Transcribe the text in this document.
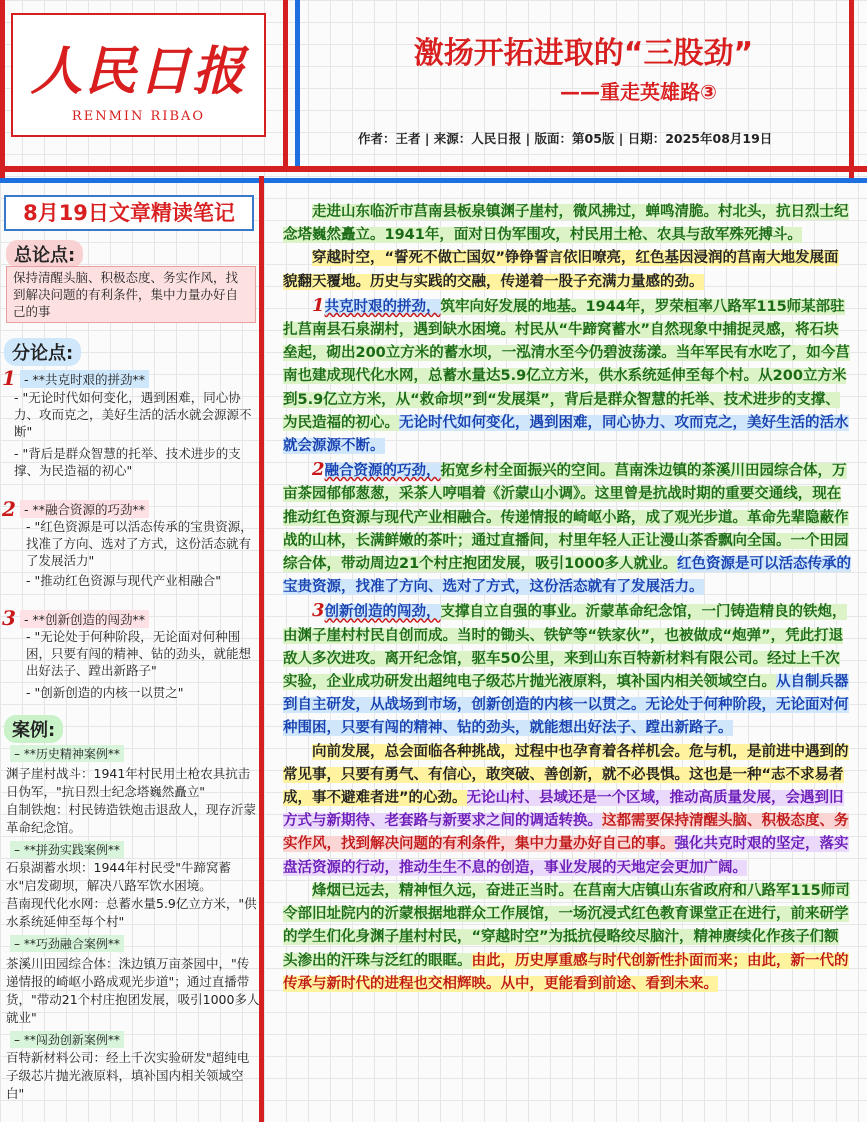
人民日报
RENMIN RIBAO
激扬开拓进取的“三股劲”
——重走英雄路③
作者：王者 | 来源：人民日报 | 版面：第05版 | 日期：2025年08月19日
8月19日文章精读笔记
总论点:
保持清醒头脑、积极态度、务实作风，找到解决问题的有利条件，集中力量办好自己的事
分论点:
1 - **共克时艰的拼劲**
- "无论时代如何变化，遇到困难，同心协力、攻而克之，美好生活的活水就会源源不断"
- "背后是群众智慧的托举、技术进步的支撑、为民造福的初心"
2 - **融合资源的巧劲**
- "红色资源是可以活态传承的宝贵资源，找准了方向、选对了方式，这份活态就有了发展活力"
- "推动红色资源与现代产业相融合"
3 - **创新创造的闯劲**
- "无论处于何种阶段，无论面对何种围困，只要有闯的精神、钻的劲头，就能想出好法子、蹚出新路子"
- "创新创造的内核一以贯之"
案例:
– **历史精神案例**
渊子崖村战斗：1941年村民用土枪农具抗击日伪军，"抗日烈士纪念塔巍然矗立"
自制铁炮：村民铸造铁炮击退敌人，现存沂蒙革命纪念馆。
– **拼劲实践案例**
石泉湖蓄水坝：1944年村民受"牛蹄窝蓄水"启发砌坝，解决八路军饮水困境。
莒南现代化水网：总蓄水量5.9亿立方米，"供水系统延伸至每个村"
– **巧劲融合案例**
茶溪川田园综合体：洙边镇万亩茶园中，"传递情报的崎岖小路成观光步道"；通过直播带货，"带动21个村庄抱团发展，吸引1000多人就业"
– **闯劲创新案例**
百特新材料公司：经上千次实验研发"超纯电子级芯片抛光液原料，填补国内相关领域空白"

走进山东临沂市莒南县板泉镇渊子崖村，微风拂过，蝉鸣清脆。村北头，抗日烈士纪念塔巍然矗立。1941年，面对日伪军围攻，村民用土枪、农具与敌军殊死搏斗。

穿越时空，“誓死不做亡国奴”铮铮誓言依旧嘹亮，红色基因浸润的莒南大地发展面貌翻天覆地。历史与实践的交融，传递着一股子充满力量感的劲。

1共克时艰的拼劲，筑牢向好发展的地基。1944年，罗荣桓率八路军115师某部驻扎莒南县石泉湖村，遇到缺水困境。村民从“牛蹄窝蓄水”自然现象中捕捉灵感，将石块垒起，砌出200立方米的蓄水坝，一泓清水至今仍碧波荡漾。当年军民有水吃了，如今莒南也建成现代化水网，总蓄水量达5.9亿立方米，供水系统延伸至每个村。从200立方米到5.9亿立方米，从“救命坝”到“发展渠”，背后是群众智慧的托举、技术进步的支撑、为民造福的初心。无论时代如何变化，遇到困难，同心协力、攻而克之，美好生活的活水就会源源不断。

2融合资源的巧劲，拓宽乡村全面振兴的空间。莒南洙边镇的茶溪川田园综合体，万亩茶园郁郁葱葱，采茶人哼唱着《沂蒙山小调》。这里曾是抗战时期的重要交通线，现在推动红色资源与现代产业相融合。传递情报的崎岖小路，成了观光步道。革命先辈隐蔽作战的山林，长满鲜嫩的茶叶；通过直播间，村里年轻人正让漫山茶香飘向全国。一个田园综合体，带动周边21个村庄抱团发展，吸引1000多人就业。红色资源是可以活态传承的宝贵资源，找准了方向、选对了方式，这份活态就有了发展活力。

3创新创造的闯劲，支撑自立自强的事业。沂蒙革命纪念馆，一门铸造精良的铁炮，由渊子崖村村民自创而成。当时的锄头、铁铲等“铁家伙”，也被做成“炮弹”，凭此打退敌人多次进攻。离开纪念馆，驱车50公里，来到山东百特新材料有限公司。经过上千次实验，企业成功研发出超纯电子级芯片抛光液原料，填补国内相关领域空白。从自制兵器到自主研发，从战场到市场，创新创造的内核一以贯之。无论处于何种阶段，无论面对何种围困，只要有闯的精神、钻的劲头，就能想出好法子、蹚出新路子。

向前发展，总会面临各种挑战，过程中也孕育着各样机会。危与机，是前进中遇到的常见事，只要有勇气、有信心，敢突破、善创新，就不必畏惧。这也是一种“志不求易者成，事不避难者进”的心劲。无论山村、县域还是一个区域，推动高质量发展，会遇到旧方式与新期待、老套路与新要求之间的调适转换。这都需要保持清醒头脑、积极态度、务实作风，找到解决问题的有利条件，集中力量办好自己的事。强化共克时艰的坚定，落实盘活资源的行动，推动生生不息的创造，事业发展的天地定会更加广阔。

烽烟已远去，精神恒久远，奋进正当时。在莒南大店镇山东省政府和八路军115师司令部旧址院内的沂蒙根据地群众工作展馆，一场沉浸式红色教育课堂正在进行，前来研学的学生们化身渊子崖村村民，“穿越时空”为抵抗侵略绞尽脑汁，精神赓续化作孩子们额头渗出的汗珠与泛红的眼眶。由此，历史厚重感与时代创新性扑面而来；由此，新一代的传承与新时代的进程也交相辉映。从中，更能看到前途、看到未来。
